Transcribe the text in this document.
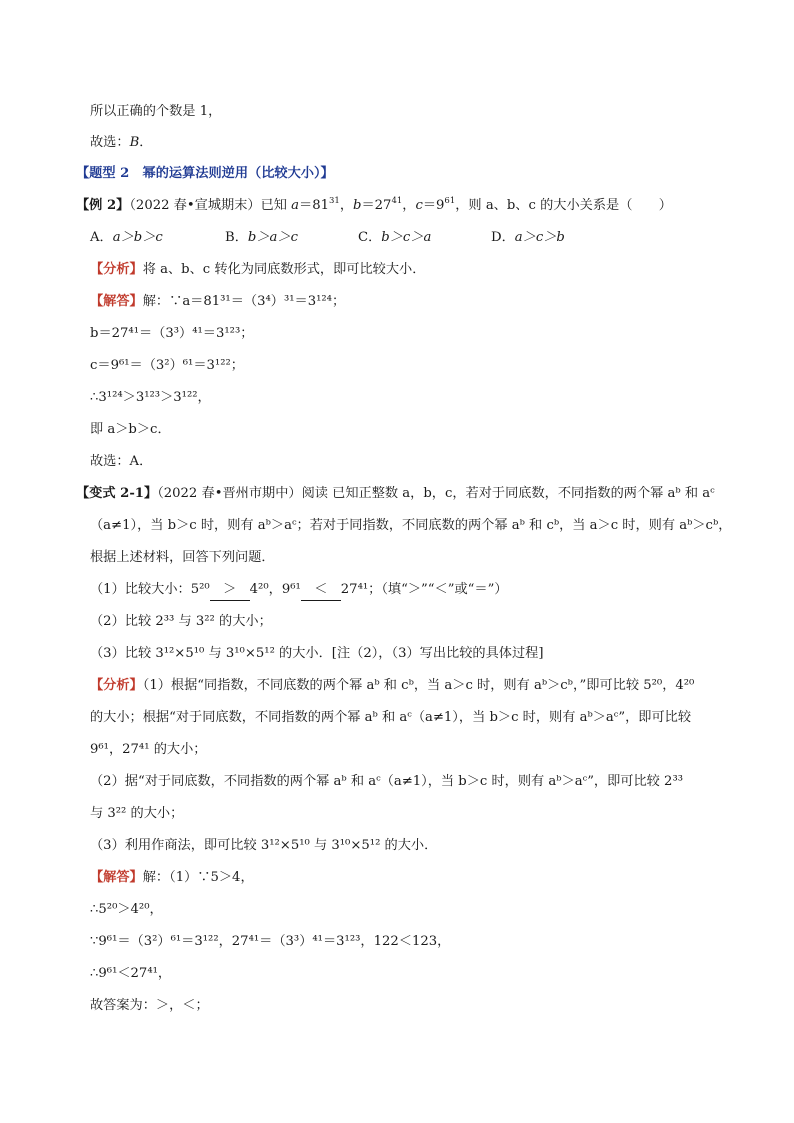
所以正确的个数是 1，
故选：B．
【题型 2　幂的运算法则逆用（比较大小）】
【例 2】（2022 春•宣城期末）已知 $a=81^{31}$，$b=27^{41}$，$c=9^{61}$，则 a、b、c 的大小关系是（　　）
A．a＞b＞c	B．b＞a＞c	C．b＞c＞a	D．a＞c＞b
【分析】将 a、b、c 转化为同底数形式，即可比较大小．
【解答】解：∵a＝81³¹＝（3⁴）³¹＝3¹²⁴；
b＝27⁴¹＝（3³）⁴¹＝3¹²³；
c＝9⁶¹＝（3²）⁶¹＝3¹²²；
∴3¹²⁴＞3¹²³＞3¹²²，
即 a＞b＞c．
故选：A．
【变式 2-1】（2022 春•晋州市期中）阅读 已知正整数 a，b，c，若对于同底数，不同指数的两个幂 aᵇ 和 aᶜ
（a≠1），当 b＞c 时，则有 aᵇ＞aᶜ；若对于同指数，不同底数的两个幂 aᵇ 和 cᵇ，当 a＞c 时，则有 aᵇ＞cᵇ，
根据上述材料，回答下列问题．
（1）比较大小：5²⁰ ＞ 4²⁰，9⁶¹ ＜ 27⁴¹；（填“＞”“＜”或“＝”）
（2）比较 2³³ 与 3²² 的大小；
（3）比较 3¹²×5¹⁰ 与 3¹⁰×5¹² 的大小．[注（2），（3）写出比较的具体过程]
【分析】（1）根据“同指数，不同底数的两个幂 aᵇ 和 cᵇ，当 a＞c 时，则有 aᵇ＞cᵇ，”即可比较 5²⁰，4²⁰
的大小；根据“对于同底数，不同指数的两个幂 aᵇ 和 aᶜ（a≠1），当 b＞c 时，则有 aᵇ＞aᶜ”，即可比较
9⁶¹，27⁴¹ 的大小；
（2）据“对于同底数，不同指数的两个幂 aᵇ 和 aᶜ（a≠1），当 b＞c 时，则有 aᵇ＞aᶜ”，即可比较 2³³
与 3²² 的大小；
（3）利用作商法，即可比较 3¹²×5¹⁰ 与 3¹⁰×5¹² 的大小．
【解答】解：（1）∵5＞4，
∴5²⁰＞4²⁰，
∵9⁶¹＝（3²）⁶¹＝3¹²²，27⁴¹＝（3³）⁴¹＝3¹²³，122＜123，
∴9⁶¹＜27⁴¹，
故答案为：＞，＜；
